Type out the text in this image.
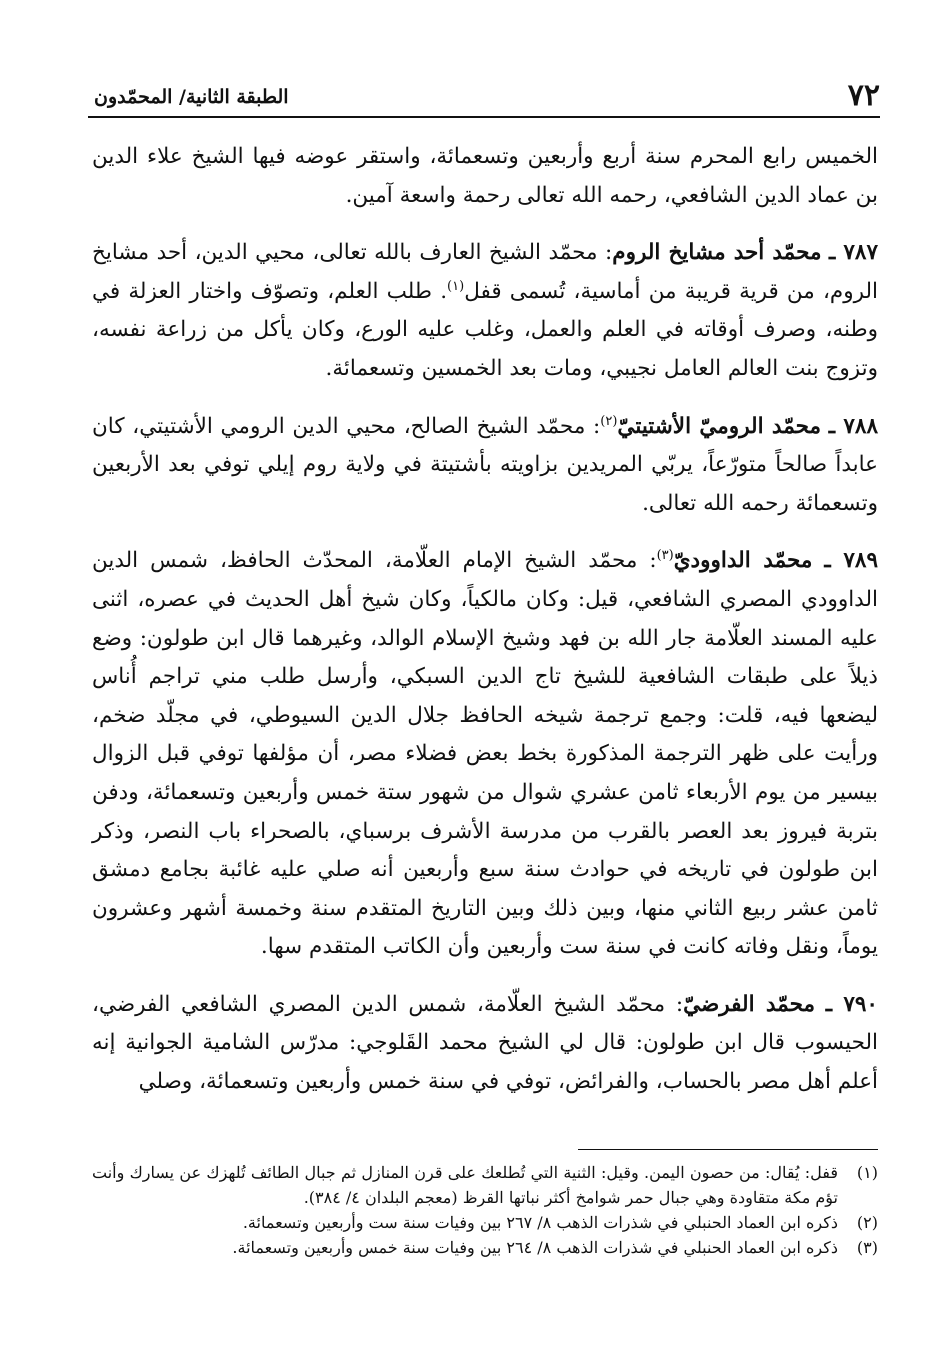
٧٢
الطبقة الثانية/ المحمّدون

الخميس رابع المحرم سنة أربع وأربعين وتسعمائة، واستقر عوضه فيها الشيخ علاء الدين بن عماد الدين الشافعي، رحمه الله تعالى رحمة واسعة آمين.

٧٨٧ ـ محمّد أحد مشايخ الروم: محمّد الشيخ العارف بالله تعالى، محيي الدين، أحد مشايخ الروم، من قرية قريبة من أماسية، تُسمى قفل$^{(١)}$. طلب العلم، وتصوّف واختار العزلة في وطنه، وصرف أوقاته في العلم والعمل، وغلب عليه الورع، وكان يأكل من زراعة نفسه، وتزوج بنت العالم العامل نجيبي، ومات بعد الخمسين وتسعمائة.

٧٨٨ ـ محمّد الروميّ الأشتيتيّ$^{(٢)}$: محمّد الشيخ الصالح، محيي الدين الرومي الأشتيتي، كان عابداً صالحاً متورّعاً، يربّي المريدين بزاويته بأشتيتة في ولاية روم إيلي توفي بعد الأربعين وتسعمائة رحمه الله تعالى.

٧٨٩ ـ محمّد الداووديّ$^{(٣)}$: محمّد الشيخ الإمام العلّامة، المحدّث الحافظ، شمس الدين الداوودي المصري الشافعي، قيل: وكان مالكياً، وكان شيخ أهل الحديث في عصره، اثنى عليه المسند العلّامة جار الله بن فهد وشيخ الإسلام الوالد، وغيرهما قال ابن طولون: وضع ذيلاً على طبقات الشافعية للشيخ تاج الدين السبكي، وأرسل طلب مني تراجم أُناس ليضعها فيه، قلت: وجمع ترجمة شيخه الحافظ جلال الدين السيوطي، في مجلّد ضخم، ورأيت على ظهر الترجمة المذكورة بخط بعض فضلاء مصر، أن مؤلفها توفي قبل الزوال بيسير من يوم الأربعاء ثامن عشري شوال من شهور ستة خمس وأربعين وتسعمائة، ودفن بتربة فيروز بعد العصر بالقرب من مدرسة الأشرف برسباي، بالصحراء باب النصر، وذكر ابن طولون في تاريخه في حوادث سنة سبع وأربعين أنه صلي عليه غائبة بجامع دمشق ثامن عشر ربيع الثاني منها، وبين ذلك وبين التاريخ المتقدم سنة وخمسة أشهر وعشرون يوماً، ونقل وفاته كانت في سنة ست وأربعين وأن الكاتب المتقدم سها.

٧٩٠ ـ محمّد الفرضيّ: محمّد الشيخ العلّامة، شمس الدين المصري الشافعي الفرضي، الحيسوب قال ابن طولون: قال لي الشيخ محمد القَلوجي: مدرّس الشامية الجوانية إنه أعلم أهل مصر بالحساب، والفرائض، توفي في سنة خمس وأربعين وتسعمائة، وصلي

(١)
قفل: يُقال: من حصون اليمن. وقيل: الثنية التي تُطلعك على قرن المنازل ثم جبال الطائف تُلهزك عن يسارك وأنت تؤم مكة متقاودة وهي جبال حمر شوامخ أكثر نباتها القرظ (معجم البلدان ٤/ ٣٨٤).

(٢)
ذكره ابن العماد الحنبلي في شذرات الذهب ٨/ ٢٦٧ بين وفيات سنة ست وأربعين وتسعمائة.

(٣)
ذكره ابن العماد الحنبلي في شذرات الذهب ٨/ ٢٦٤ بين وفيات سنة خمس وأربعين وتسعمائة.
